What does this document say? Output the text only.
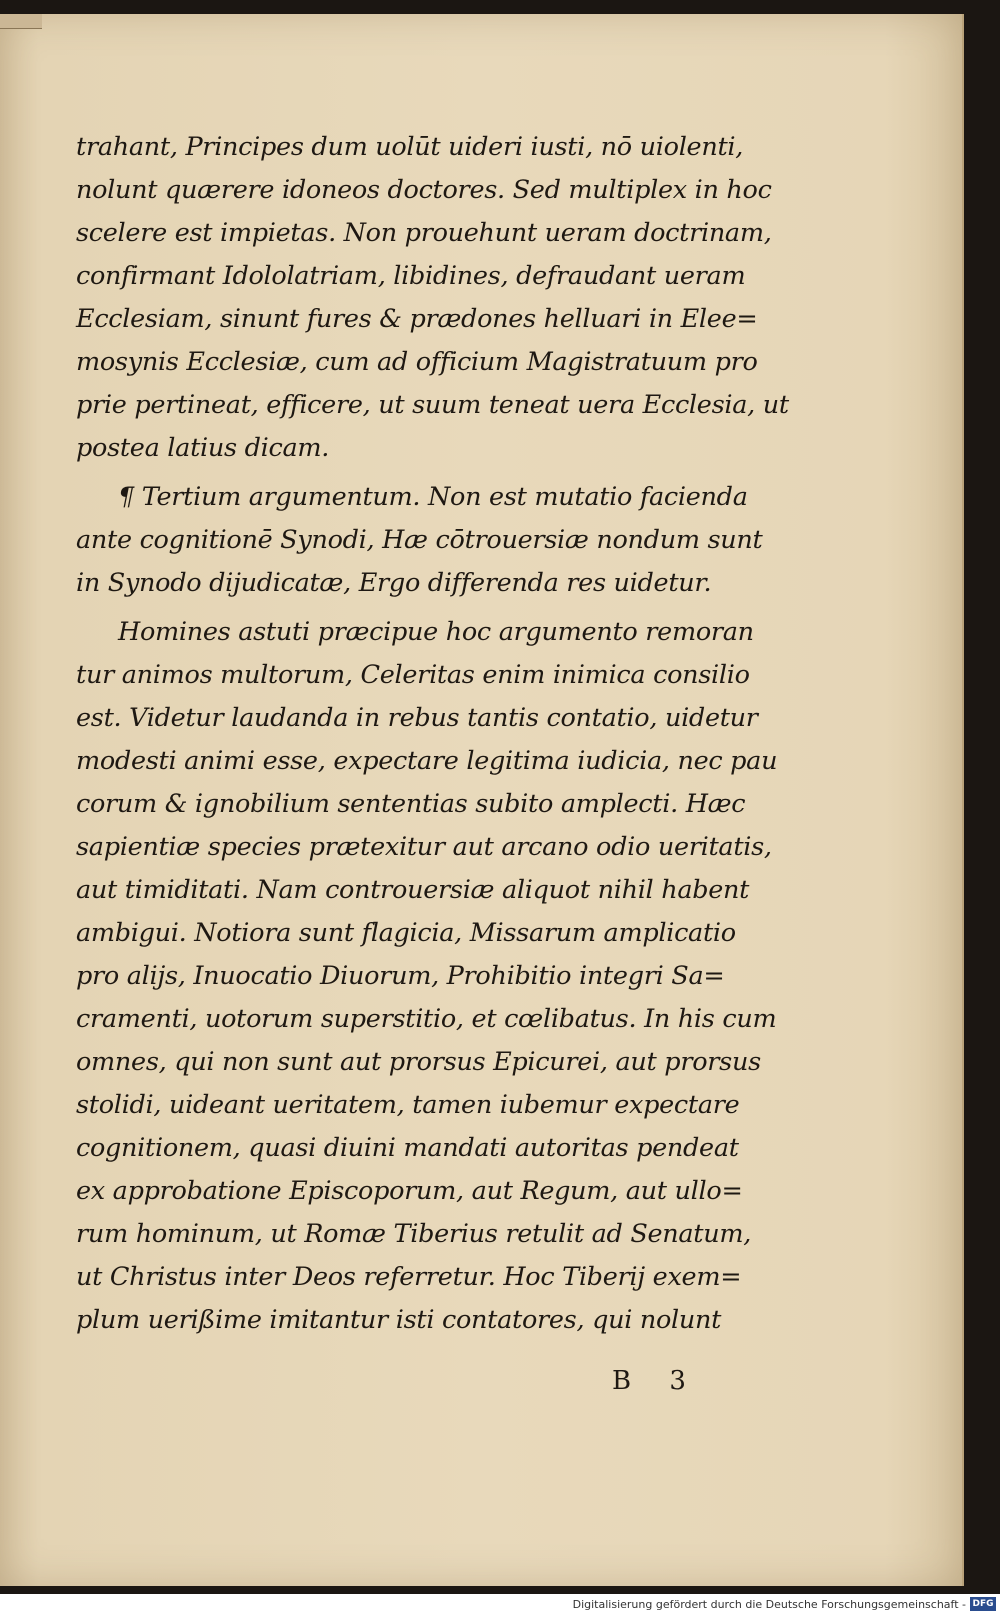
trahant, Principes dum uolūt uideri iusti, nō uiolenti,
nolunt quærere idoneos doctores. Sed multiplex in hoc
scelere est impietas. Non prouehunt ueram doctrinam,
confirmant Idololatriam, libidines, defraudant ueram
Ecclesiam, sinunt fures & prædones helluari in Elee=
mosynis Ecclesiæ, cum ad officium Magistratuum pro
prie pertineat, efficere, ut suum teneat uera Ecclesia, ut
postea latius dicam.
¶ Tertium argumentum. Non est mutatio facienda
ante cognitionē Synodi, Hæ cōtrouersiæ nondum sunt
in Synodo dijudicatæ, Ergo differenda res uidetur.
Homines astuti præcipue hoc argumento remoran
tur animos multorum, Celeritas enim inimica consilio
est. Videtur laudanda in rebus tantis contatio, uidetur
modesti animi esse, expectare legitima iudicia, nec pau
corum & ignobilium sententias subito amplecti. Hæc
sapientiæ species prætexitur aut arcano odio ueritatis,
aut timiditati. Nam controuersiæ aliquot nihil habent
ambigui. Notiora sunt flagicia, Missarum amplicatio
pro alijs, Inuocatio Diuorum, Prohibitio integri Sa=
cramenti, uotorum superstitio, et cœlibatus. In his cum
omnes, qui non sunt aut prorsus Epicurei, aut prorsus
stolidi, uideant ueritatem, tamen iubemur expectare
cognitionem, quasi diuini mandati autoritas pendeat
ex approbatione Episcoporum, aut Regum, aut ullo=
rum hominum, ut Romæ Tiberius retulit ad Senatum,
ut Christus inter Deos referretur. Hoc Tiberij exem=
plum uerißime imitantur isti contatores, qui nolunt
B 3
Digitalisierung gefördert durch die Deutsche Forschungsgemeinschaft - DFG
